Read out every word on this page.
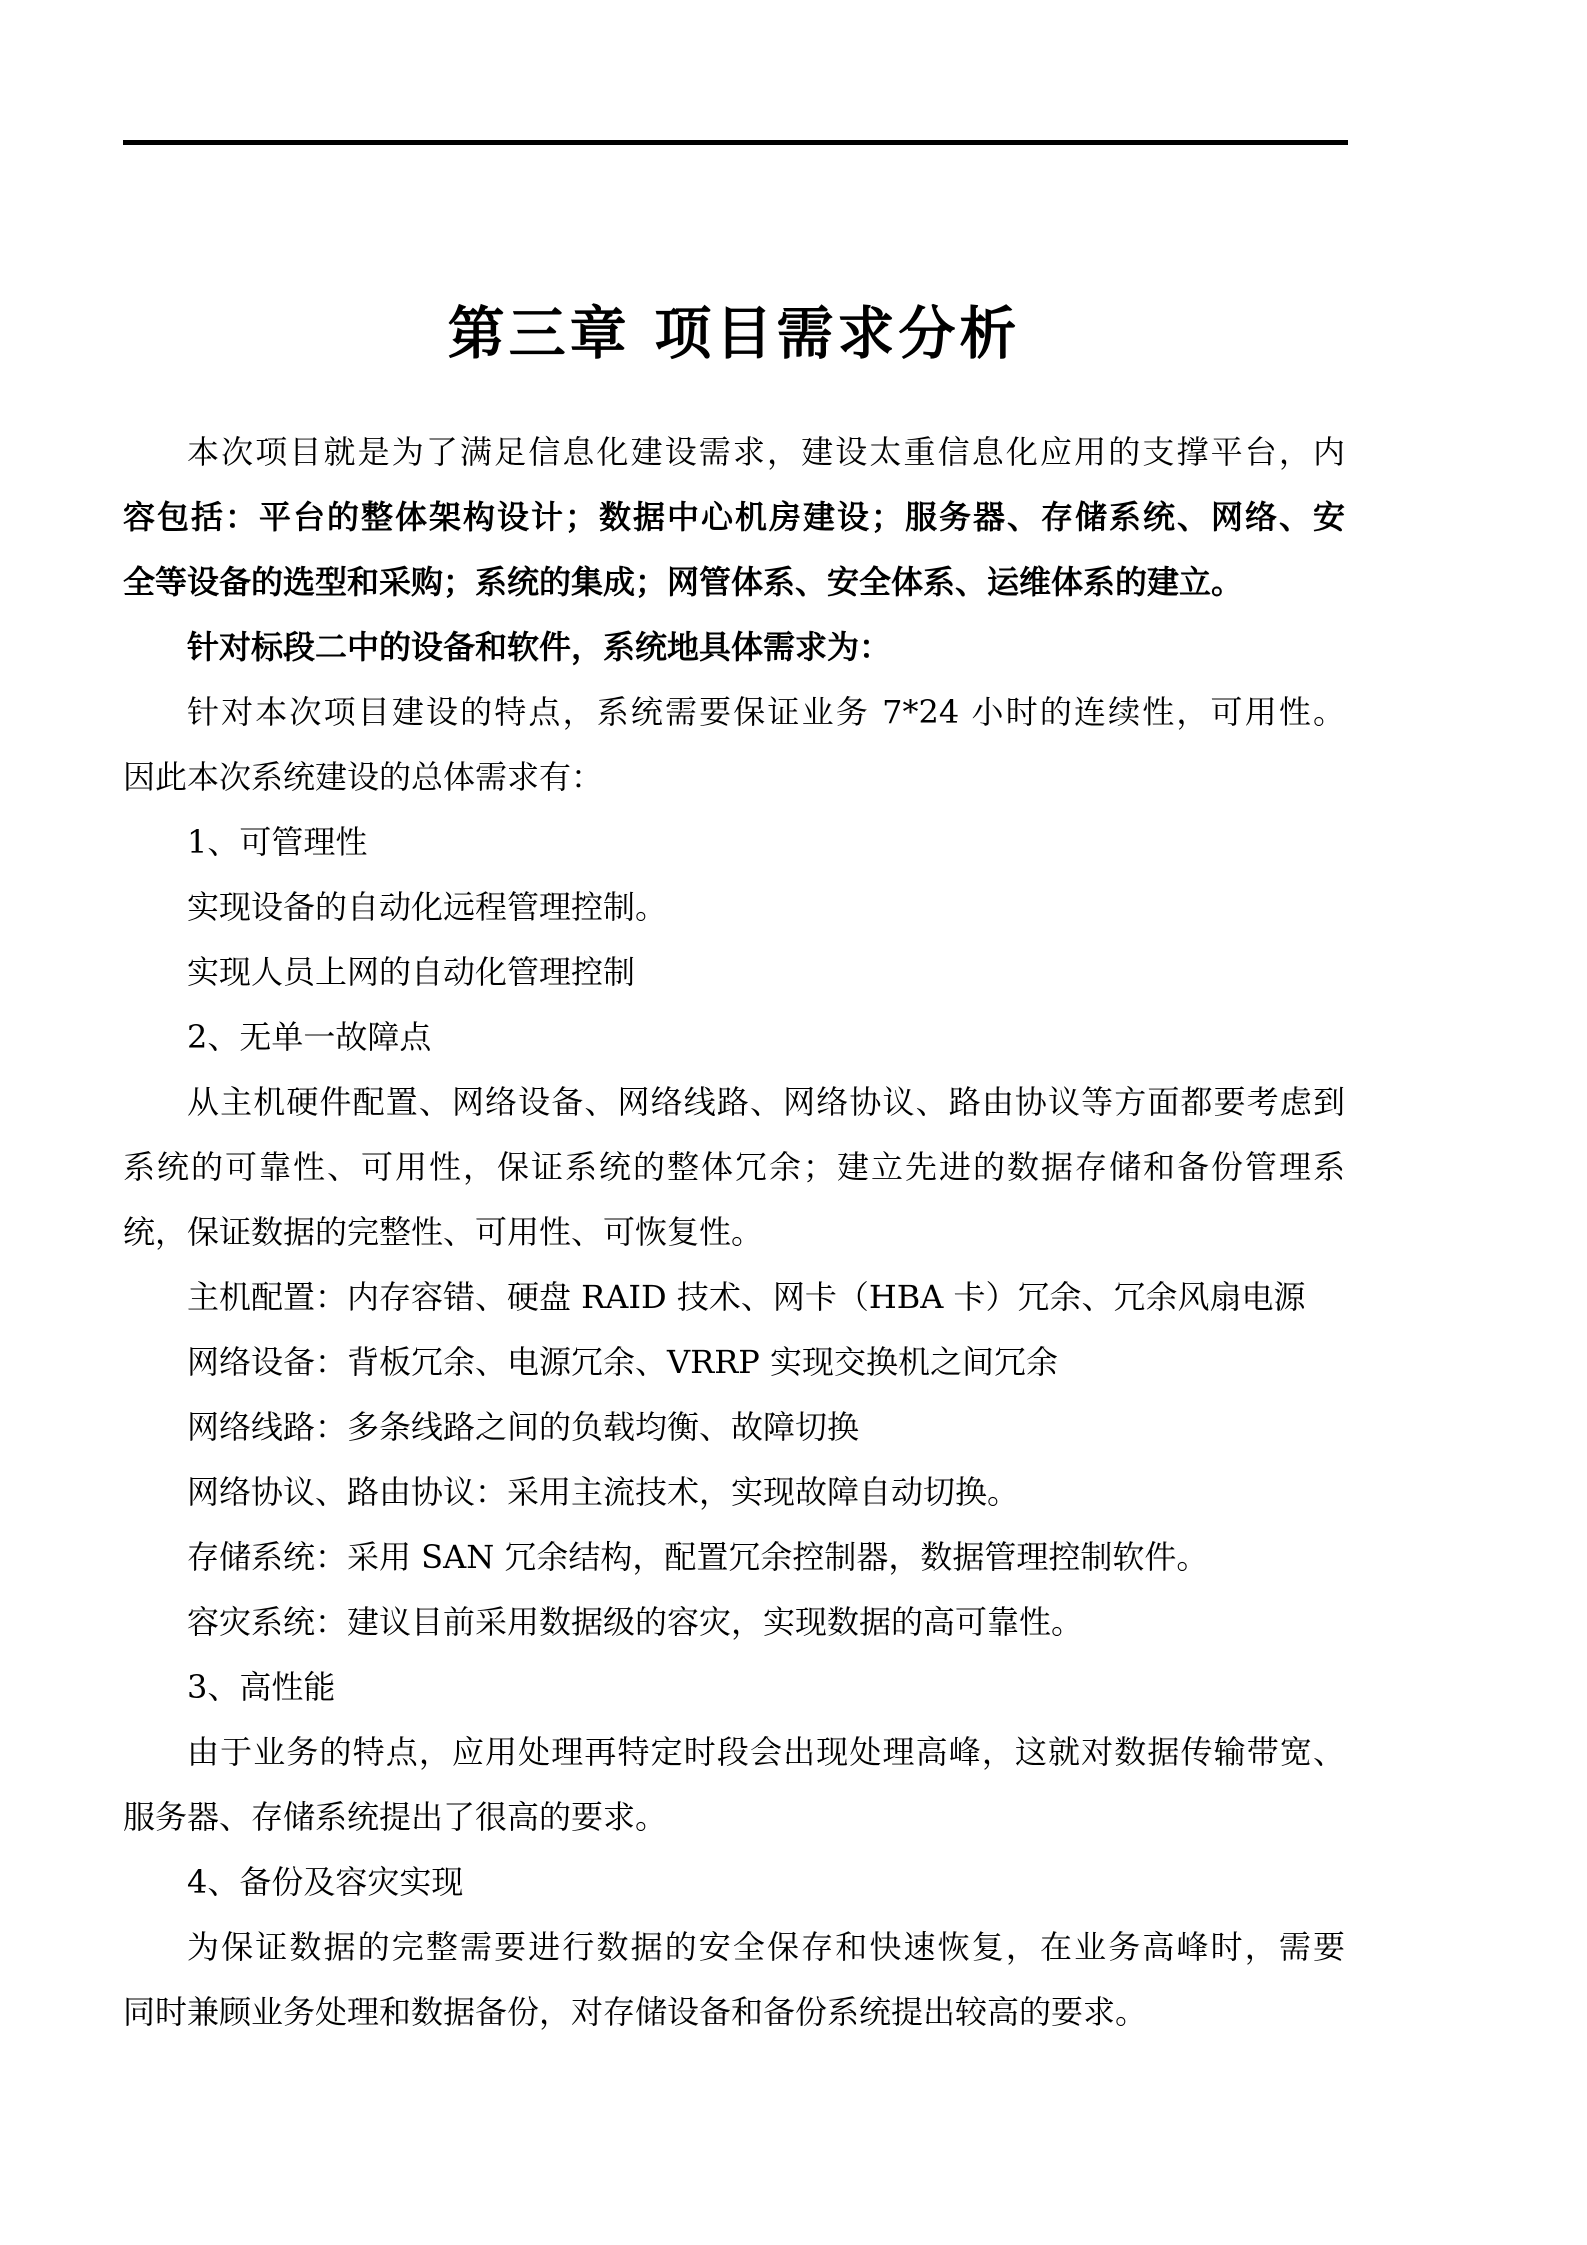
第三章 项目需求分析
本次项目就是为了满足信息化建设需求，建设太重信息化应用的支撑平台，内
容包括：平台的整体架构设计；数据中心机房建设；服务器、存储系统、网络、安
全等设备的选型和采购；系统的集成；网管体系、安全体系、运维体系的建立。
针对标段二中的设备和软件，系统地具体需求为：
针对本次项目建设的特点，系统需要保证业务 7*24 小时的连续性，可用性。
因此本次系统建设的总体需求有：
1、可管理性
实现设备的自动化远程管理控制。
实现人员上网的自动化管理控制
2、无单一故障点
从主机硬件配置、网络设备、网络线路、网络协议、路由协议等方面都要考虑到
系统的可靠性、可用性，保证系统的整体冗余；建立先进的数据存储和备份管理系
统，保证数据的完整性、可用性、可恢复性。
主机配置：内存容错、硬盘 RAID 技术、网卡（HBA 卡）冗余、冗余风扇电源
网络设备：背板冗余、电源冗余、VRRP 实现交换机之间冗余
网络线路：多条线路之间的负载均衡、故障切换
网络协议、路由协议：采用主流技术，实现故障自动切换。
存储系统：采用 SAN 冗余结构，配置冗余控制器，数据管理控制软件。
容灾系统：建议目前采用数据级的容灾，实现数据的高可靠性。
3、高性能
由于业务的特点，应用处理再特定时段会出现处理高峰，这就对数据传输带宽、
服务器、存储系统提出了很高的要求。
4、备份及容灾实现
为保证数据的完整需要进行数据的安全保存和快速恢复，在业务高峰时，需要
同时兼顾业务处理和数据备份，对存储设备和备份系统提出较高的要求。
